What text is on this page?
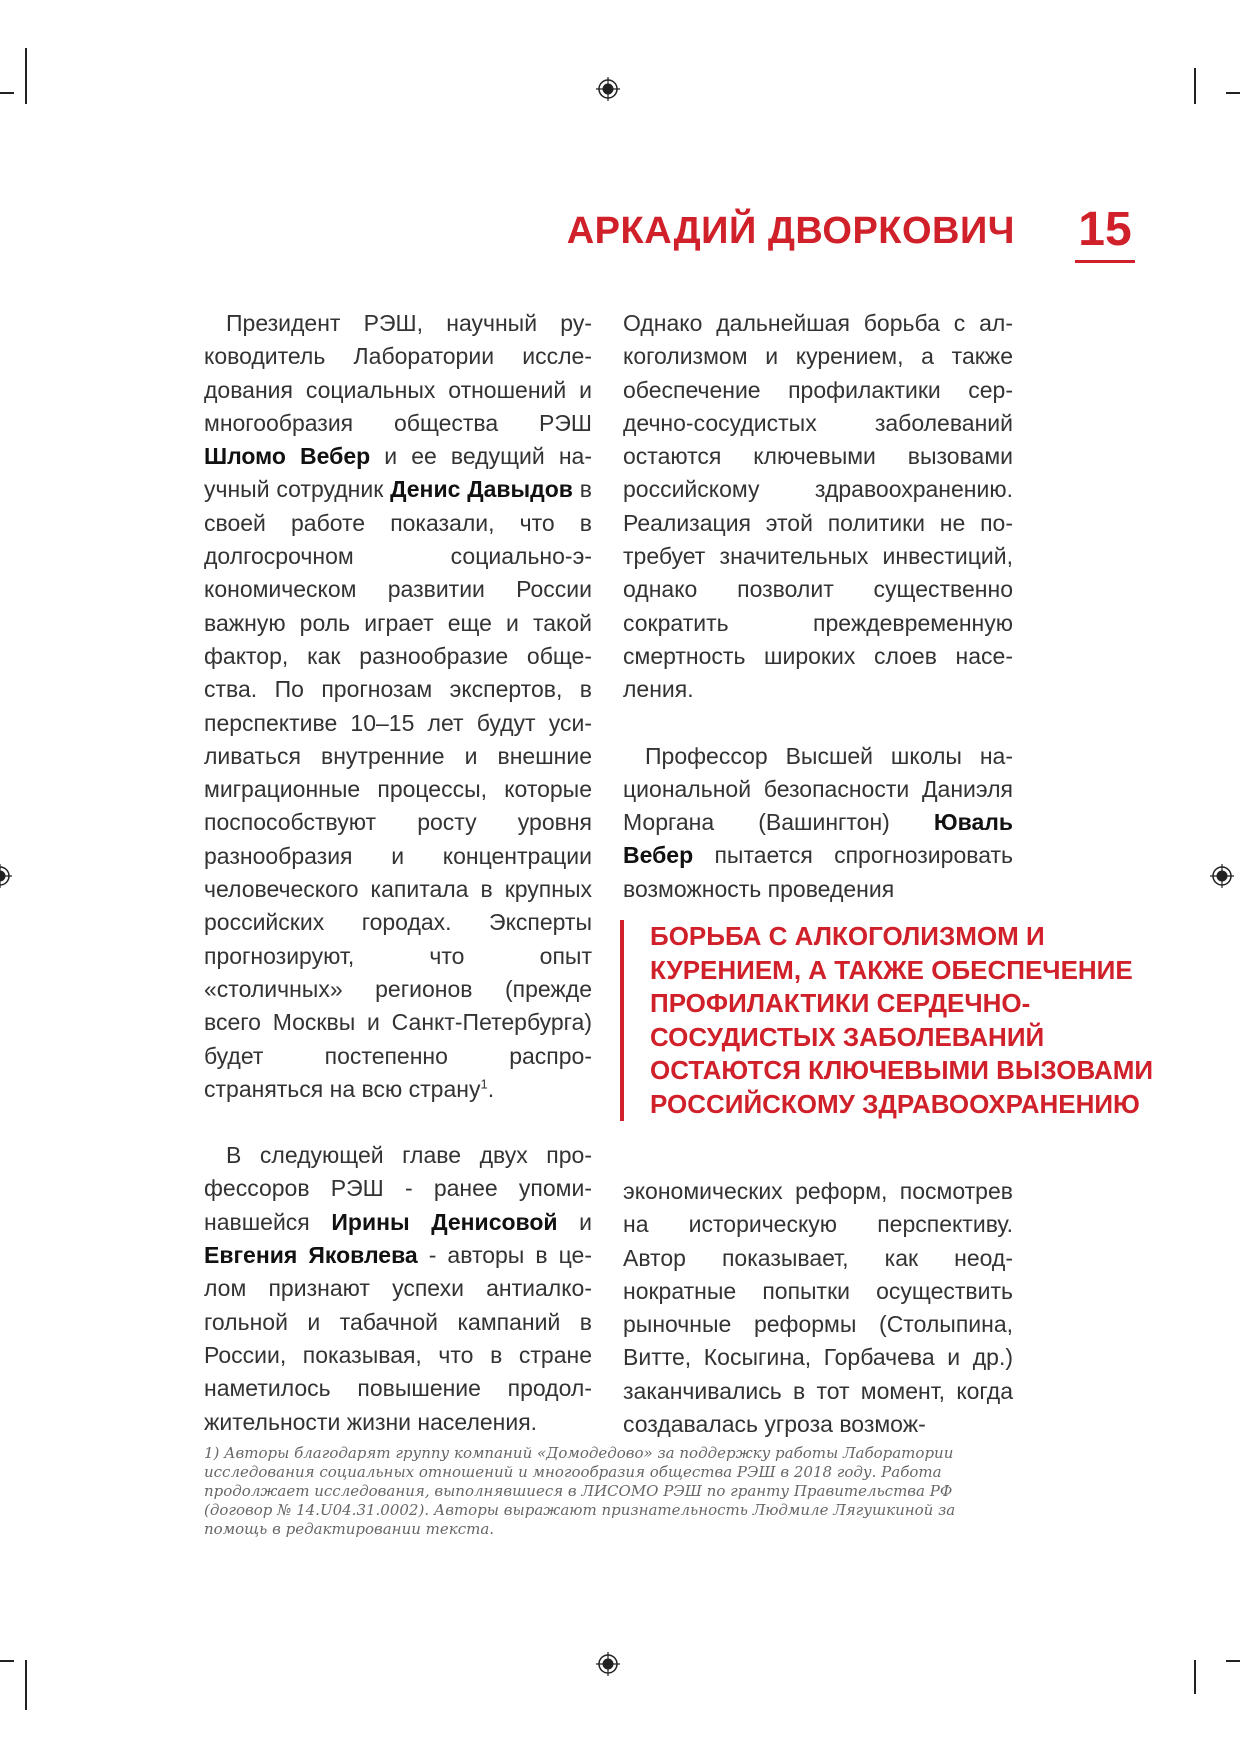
АРКАДИЙ ДВОРКОВИЧ 15

Президент РЭШ, научный руководитель Лаборатории исследования социальных отношений и многообразия общества РЭШ Шломо Вебер и ее ведущий научный сотрудник Денис Давыдов в своей работе показали, что в долгосрочном социально-экономическом развитии России важную роль играет еще и такой фактор, как разнообразие общества. По прогнозам экспертов, в перспективе 10–15 лет будут усиливаться внутренние и внешние миграционные процессы, которые поспособствуют росту уровня разнообразия и концентрации человеческого капитала в крупных российских городах. Эксперты прогнозируют, что опыт «столичных» регионов (прежде всего Москвы и Санкт-Петербурга) будет постепенно распространяться на всю страну$^1$.

В следующей главе двух профессоров РЭШ - ранее упоминавшейся Ирины Денисовой и Евгения Яковлева - авторы в целом признают успехи антиалкогольной и табачной кампаний в России, показывая, что в стране наметилось повышение продолжительности жизни населения.

Однако дальнейшая борьба с алкоголизмом и курением, а также обеспечение профилактики сердечно-сосудистых заболеваний остаются ключевыми вызовами российскому здравоохранению. Реализация этой политики не потребует значительных инвестиций, однако позволит существенно сократить преждевременную смертность широких слоев населения.

Профессор Высшей школы национальной безопасности Даниэля Моргана (Вашингтон) Юваль Вебер пытается спрогнозировать возможность проведения

БОРЬБА С АЛКОГОЛИЗМОМ И КУРЕНИЕМ, А ТАКЖЕ ОБЕСПЕЧЕНИЕ ПРОФИЛАКТИКИ СЕРДЕЧНО-СОСУДИСТЫХ ЗАБОЛЕВАНИЙ ОСТАЮТСЯ КЛЮЧЕВЫМИ ВЫЗОВАМИ РОССИЙСКОМУ ЗДРАВООХРАНЕНИЮ

экономических реформ, посмотрев на историческую перспективу. Автор показывает, как неоднократные попытки осуществить рыночные реформы (Столыпина, Витте, Косыгина, Горбачева и др.) заканчивались в тот момент, когда создавалась угроза возмож-

1) Авторы благодарят группу компаний «Домодедово» за поддержку работы Лаборатории исследования социальных отношений и многообразия общества РЭШ в 2018 году. Работа продолжает исследования, выполнявшиеся в ЛИСОМО РЭШ по гранту Правительства РФ (договор № 14.U04.31.0002). Авторы выражают признательность Людмиле Лягушкиной за помощь в редактировании текста.
